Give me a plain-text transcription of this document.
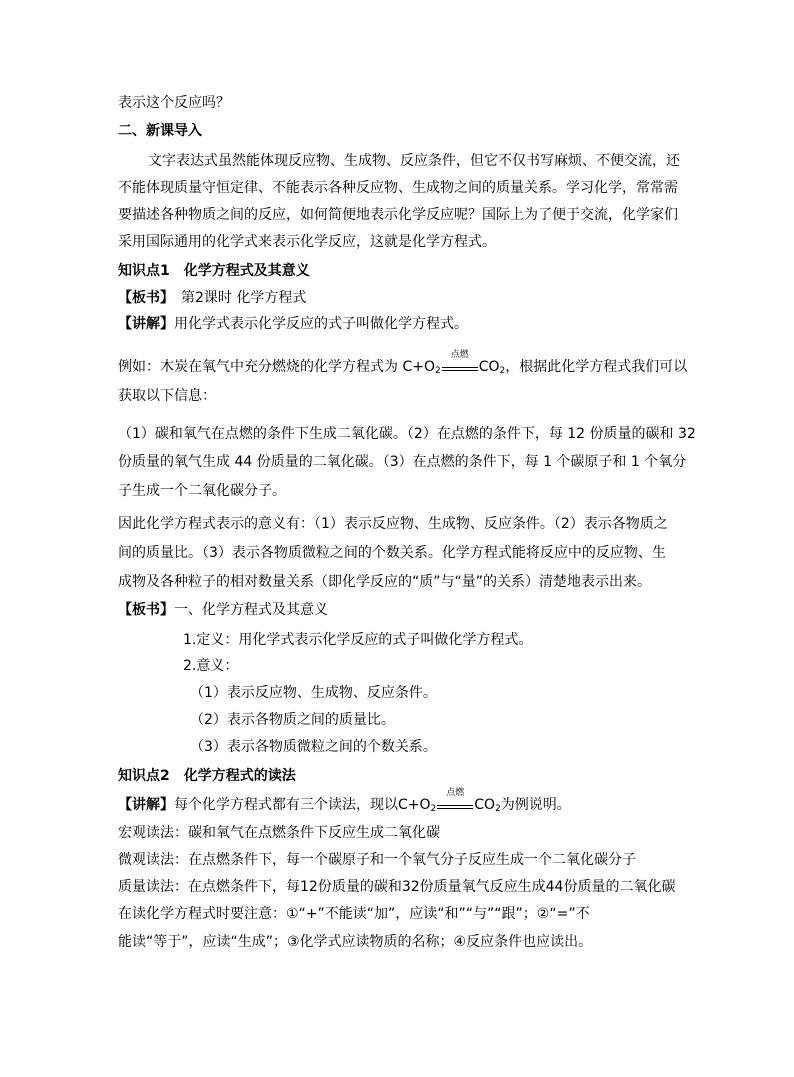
表示这个反应吗？
二、新课导入
文字表达式虽然能体现反应物、生成物、反应条件，但它不仅书写麻烦、不便交流，还
不能体现质量守恒定律、不能表示各种反应物、生成物之间的质量关系。学习化学，常常需
要描述各种物质之间的反应，如何简便地表示化学反应呢？国际上为了便于交流，化学家们
采用国际通用的化学式来表示化学反应，这就是化学方程式。
知识点1　化学方程式及其意义
【板书】　第2课时 化学方程式
【讲解】用化学式表示化学反应的式子叫做化学方程式。
例如：木炭在氧气中充分燃烧的化学方程式为 $C+O_2$
点燃
$CO_2$，根据此化学方程式我们可以
获取以下信息：
（1）碳和氧气在点燃的条件下生成二氧化碳。（2）在点燃的条件下，每 12 份质量的碳和 32
份质量的氧气生成 44 份质量的二氧化碳。（3）在点燃的条件下，每 1 个碳原子和 1 个氧分
子生成一个二氧化碳分子。
因此化学方程式表示的意义有：（1）表示反应物、生成物、反应条件。（2）表示各物质之
间的质量比。（3）表示各物质微粒之间的个数关系。化学方程式能将反应中的反应物、生
成物及各种粒子的相对数量关系（即化学反应的“质”与“量”的关系）清楚地表示出来。
【板书】一、化学方程式及其意义
1.定义：用化学式表示化学反应的式子叫做化学方程式。
2.意义：
（1）表示反应物、生成物、反应条件。
（2）表示各物质之间的质量比。
（3）表示各物质微粒之间的个数关系。
知识点2　化学方程式的读法
【讲解】每个化学方程式都有三个读法，现以$C+O_2$
点燃
$CO_2$为例说明。
宏观读法：碳和氧气在点燃条件下反应生成二氧化碳
微观读法：在点燃条件下，每一个碳原子和一个氧气分子反应生成一个二氧化碳分子
质量读法：在点燃条件下，每12份质量的碳和32份质量氧气反应生成44份质量的二氧化碳
在读化学方程式时要注意：①“+”不能读“加”，应读“和”“与”“跟”；②“=”不
能读“等于”，应读“生成”；③化学式应读物质的名称；④反应条件也应读出。
